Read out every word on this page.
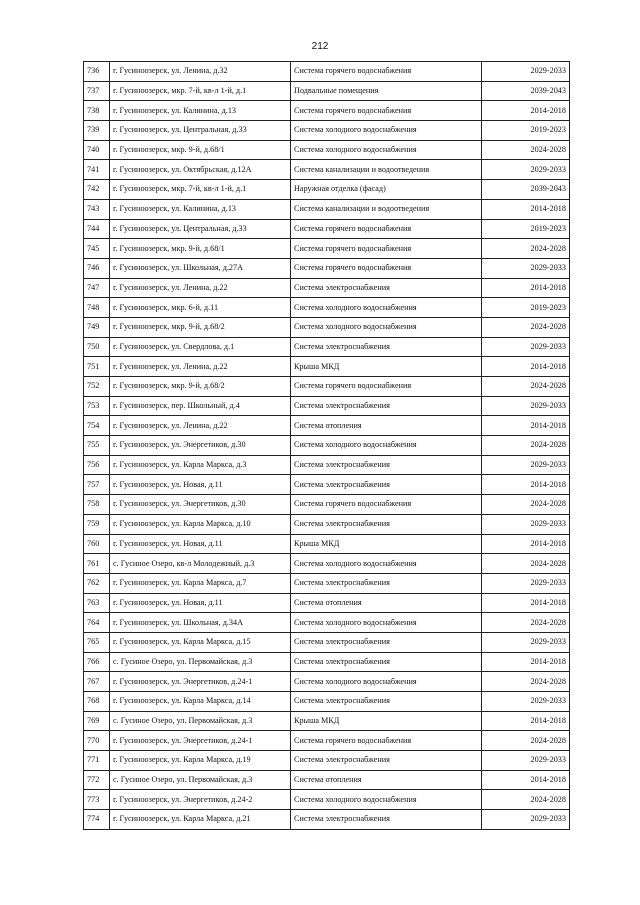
212
736	г. Гусиноозерск, ул. Ленина, д.32	Система горячего водоснабжения	2029-2033
737	г. Гусиноозерск, мкр. 7-й, кв-л 1-й, д.1	Подвальные помещения	2039-2043
738	г. Гусиноозерск, ул. Калинина, д.13	Система горячего водоснабжения	2014-2018
739	г. Гусиноозерск, ул. Центральная, д.33	Система холодного водоснабжения	2019-2023
740	г. Гусиноозерск, мкр. 9-й, д.68/1	Система холодного водоснабжения	2024-2028
741	г. Гусиноозерск, ул. Октябрьская, д.12А	Система канализации и водоотведения	2029-2033
742	г. Гусиноозерск, мкр. 7-й, кв-л 1-й, д.1	Наружная отделка (фасад)	2039-2043
743	г. Гусиноозерск, ул. Калинина, д.13	Система канализации и водоотведения	2014-2018
744	г. Гусиноозерск, ул. Центральная, д.33	Система горячего водоснабжения	2019-2023
745	г. Гусиноозерск, мкр. 9-й, д.68/1	Система горячего водоснабжения	2024-2028
746	г. Гусиноозерск, ул. Школьная, д.27А	Система горячего водоснабжения	2029-2033
747	г. Гусиноозерск, ул. Ленина, д.22	Система электроснабжения	2014-2018
748	г. Гусиноозерск, мкр. 6-й, д.11	Система холодного водоснабжения	2019-2023
749	г. Гусиноозерск, мкр. 9-й, д.68/2	Система холодного водоснабжения	2024-2028
750	г. Гусиноозерск, ул. Свердлова, д.1	Система электроснабжения	2029-2033
751	г. Гусиноозерск, ул. Ленина, д.22	Крыша МКД	2014-2018
752	г. Гусиноозерск, мкр. 9-й, д.68/2	Система горячего водоснабжения	2024-2028
753	г. Гусиноозерск, пер. Школьный, д.4	Система электроснабжения	2029-2033
754	г. Гусиноозерск, ул. Ленина, д.22	Система отопления	2014-2018
755	г. Гусиноозерск, ул. Энергетиков, д.30	Система холодного водоснабжения	2024-2028
756	г. Гусиноозерск, ул. Карла Маркса, д.3	Система электроснабжения	2029-2033
757	г. Гусиноозерск, ул. Новая, д.11	Система электроснабжения	2014-2018
758	г. Гусиноозерск, ул. Энергетиков, д.30	Система горячего водоснабжения	2024-2028
759	г. Гусиноозерск, ул. Карла Маркса, д.10	Система электроснабжения	2029-2033
760	г. Гусиноозерск, ул. Новая, д.11	Крыша МКД	2014-2018
761	с. Гусиное Озеро, кв-л Молодежный, д.3	Система холодного водоснабжения	2024-2028
762	г. Гусиноозерск, ул. Карла Маркса, д.7	Система электроснабжения	2029-2033
763	г. Гусиноозерск, ул. Новая, д.11	Система отопления	2014-2018
764	г. Гусиноозерск, ул. Школьная, д.34А	Система холодного водоснабжения	2024-2028
765	г. Гусиноозерск, ул. Карла Маркса, д.15	Система электроснабжения	2029-2033
766	с. Гусиное Озеро, ул. Первомайская, д.3	Система электроснабжения	2014-2018
767	г. Гусиноозерск, ул. Энергетиков, д.24-1	Система холодного водоснабжения	2024-2028
768	г. Гусиноозерск, ул. Карла Маркса, д.14	Система электроснабжения	2029-2033
769	с. Гусиное Озеро, ул. Первомайская, д.3	Крыша МКД	2014-2018
770	г. Гусиноозерск, ул. Энергетиков, д.24-1	Система горячего водоснабжения	2024-2028
771	г. Гусиноозерск, ул. Карла Маркса, д.19	Система электроснабжения	2029-2033
772	с. Гусиное Озеро, ул. Первомайская, д.3	Система отопления	2014-2018
773	г. Гусиноозерск, ул. Энергетиков, д.24-2	Система холодного водоснабжения	2024-2028
774	г. Гусиноозерск, ул. Карла Маркса, д.21	Система электроснабжения	2029-2033
